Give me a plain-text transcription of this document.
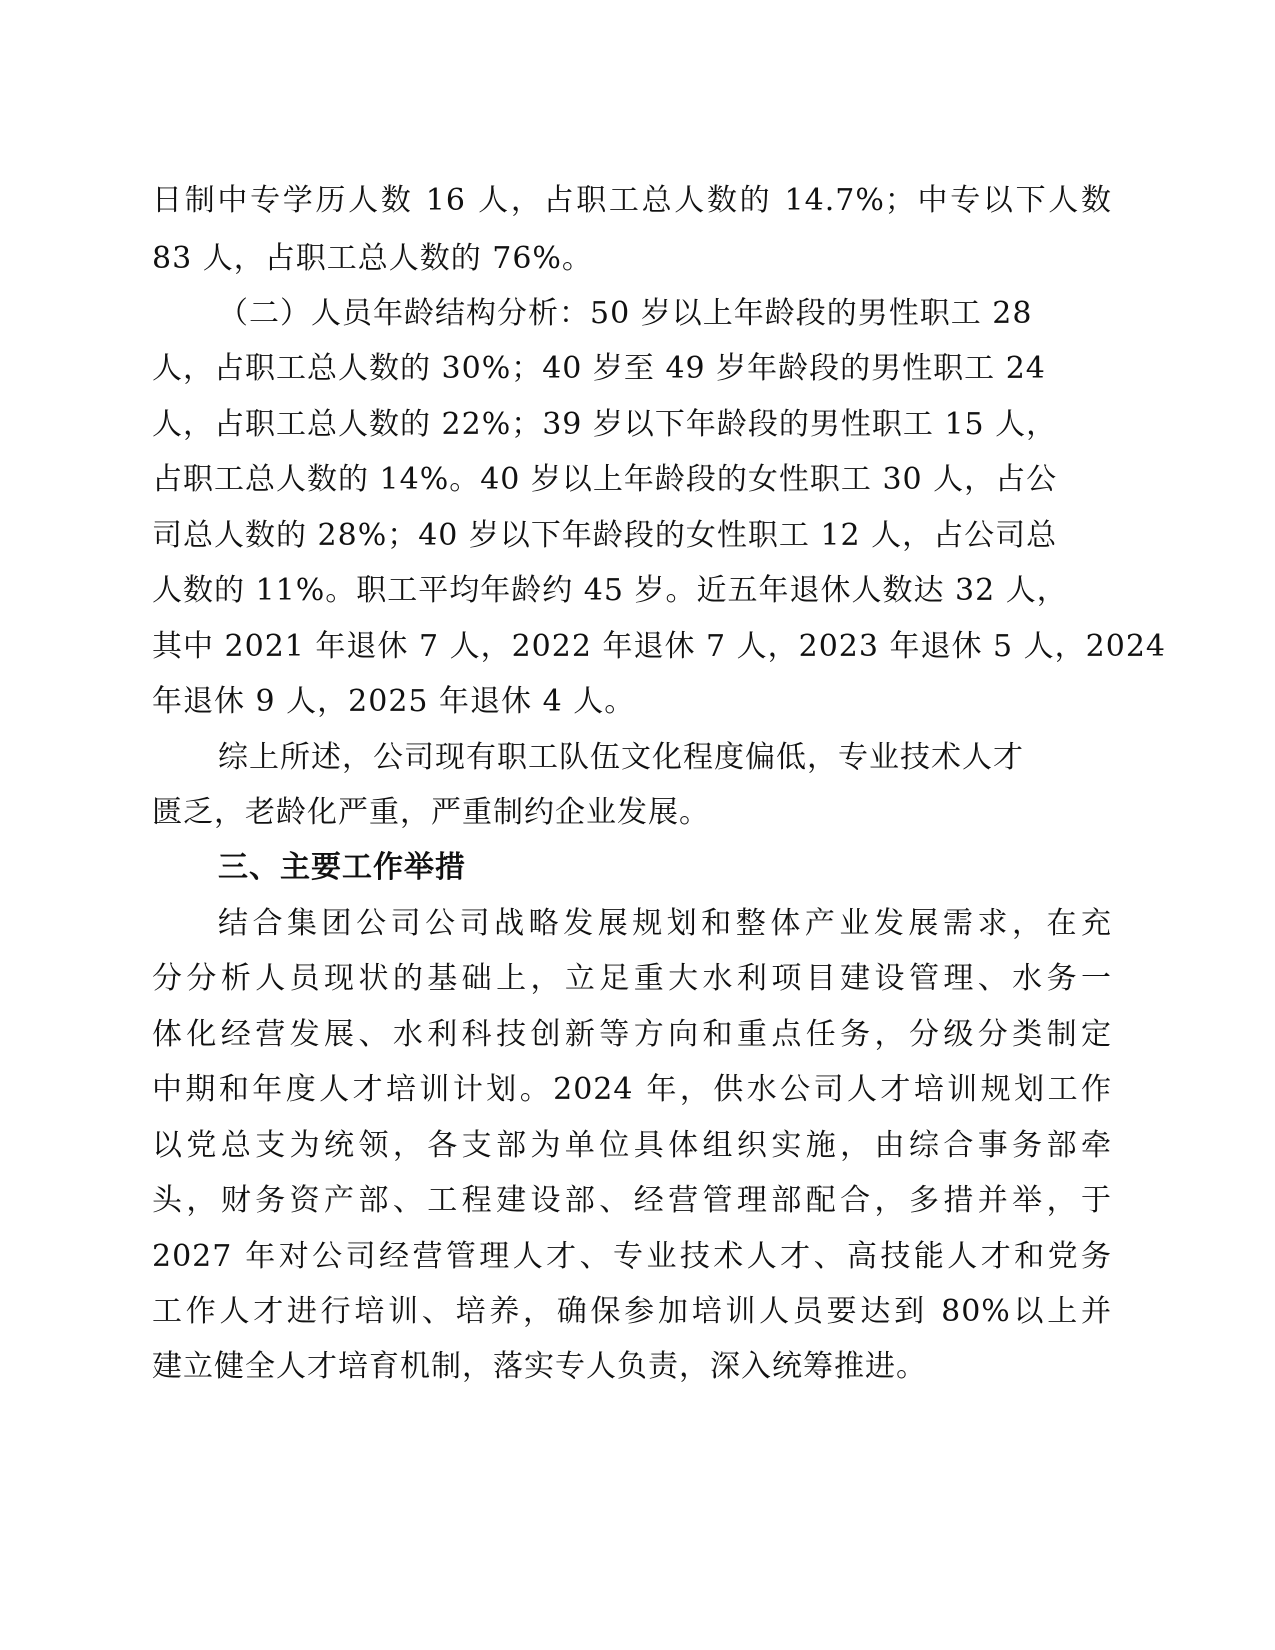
日制中专学历人数 16 人，占职工总人数的 14.7%；中专以下人数
83 人，占职工总人数的 76%。
（二）人员年龄结构分析：50 岁以上年龄段的男性职工 28
人，占职工总人数的 30%；40 岁至 49 岁年龄段的男性职工 24
人，占职工总人数的 22%；39 岁以下年龄段的男性职工 15 人，
占职工总人数的 14%。40 岁以上年龄段的女性职工 30 人，占公
司总人数的 28%；40 岁以下年龄段的女性职工 12 人，占公司总
人数的 11%。职工平均年龄约 45 岁。近五年退休人数达 32 人，
其中 2021 年退休 7 人，2022 年退休 7 人，2023 年退休 5 人，2024
年退休 9 人，2025 年退休 4 人。
综上所述，公司现有职工队伍文化程度偏低，专业技术人才
匮乏，老龄化严重，严重制约企业发展。
三、主要工作举措
结合集团公司公司战略发展规划和整体产业发展需求，在充
分分析人员现状的基础上，立足重大水利项目建设管理、水务一
体化经营发展、水利科技创新等方向和重点任务，分级分类制定
中期和年度人才培训计划。2024 年，供水公司人才培训规划工作
以党总支为统领，各支部为单位具体组织实施，由综合事务部牵
头，财务资产部、工程建设部、经营管理部配合，多措并举，于
2027 年对公司经营管理人才、专业技术人才、高技能人才和党务
工作人才进行培训、培养，确保参加培训人员要达到 80%以上并
建立健全人才培育机制，落实专人负责，深入统筹推进。
